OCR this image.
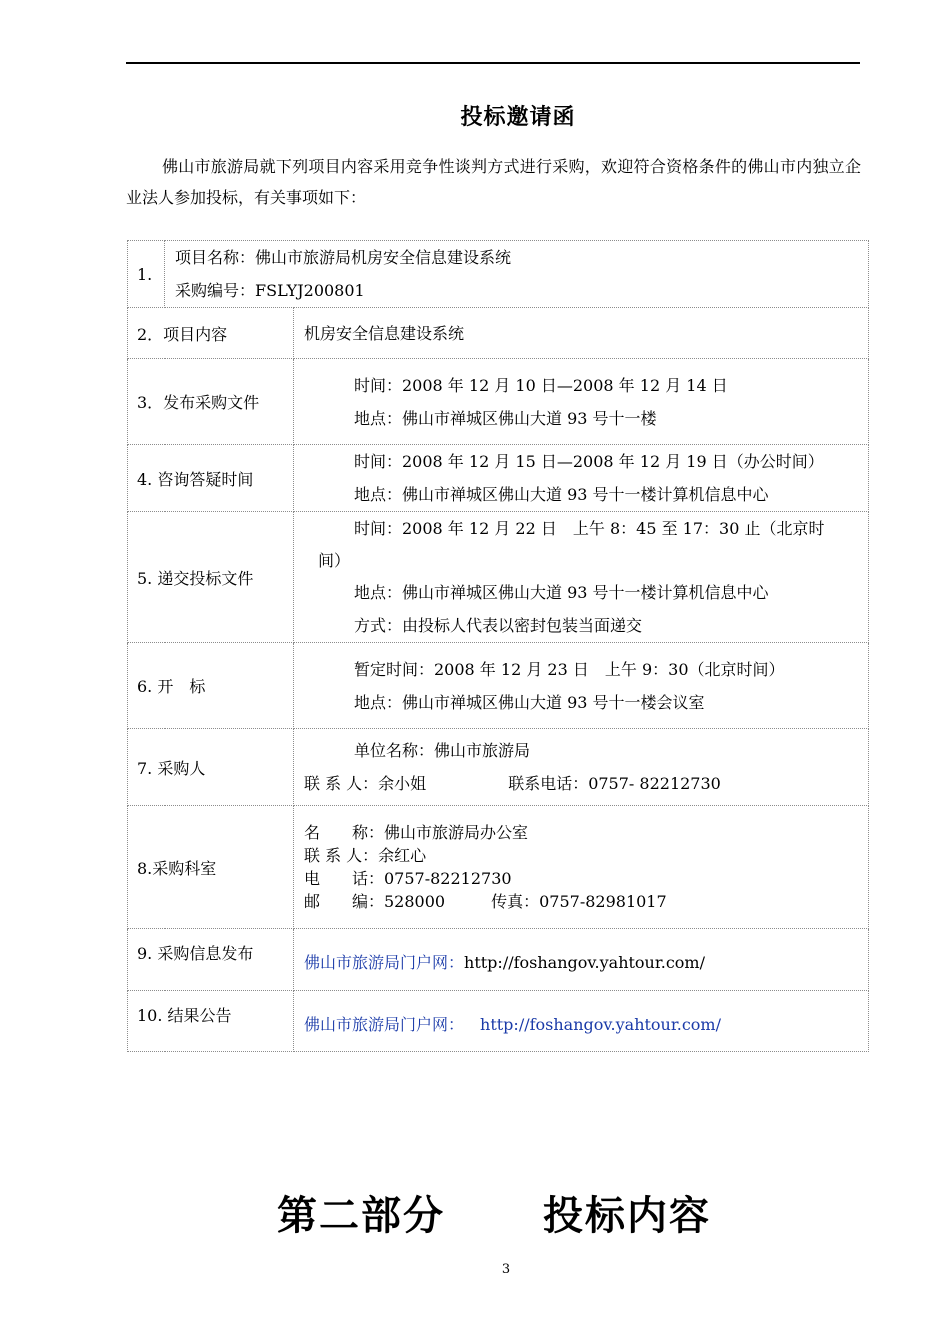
投标邀请函

佛山市旅游局就下列项目内容采用竞争性谈判方式进行采购，欢迎符合资格条件的佛山市内独立企业法人参加投标，有关事项如下：

1.	项目名称：佛山市旅游局机房安全信息建设系统
采购编号：FSLYJ200801	

2．项目内容		机房安全信息建设系统

3．发布采购文件		时间：2008 年 12 月 10 日—2008 年 12 月 14 日
地点：佛山市禅城区佛山大道 93 号十一楼

4. 咨询答疑时间		时间：2008 年 12 月 15 日—2008 年 12 月 19 日（办公时间）
地点：佛山市禅城区佛山大道 93 号十一楼计算机信息中心

5. 递交投标文件		时间：2008 年 12 月 22 日　上午 8：45 至 17：30 止（北京时
间）
地点：佛山市禅城区佛山大道 93 号十一楼计算机信息中心
方式：由投标人代表以密封包装当面递交

6. 开　标		暂定时间：2008 年 12 月 23 日　上午 9：30（北京时间）
地点：佛山市禅城区佛山大道 93 号十一楼会议室

7. 采购人		单位名称：佛山市旅游局
联 系 人：余小姐 联系电话：0757- 82212730

8.采购科室		名　　称：佛山市旅游局办公室
联 系 人：余红心
电　　话：0757-82212730
邮　　编：528000 传真：0757-82981017

9. 采购信息发布		佛山市旅游局门户网：http://foshangov.yahtour.com/

10. 结果公告		佛山市旅游局门户网： http://foshangov.yahtour.com/
第二部分 投标内容
3
